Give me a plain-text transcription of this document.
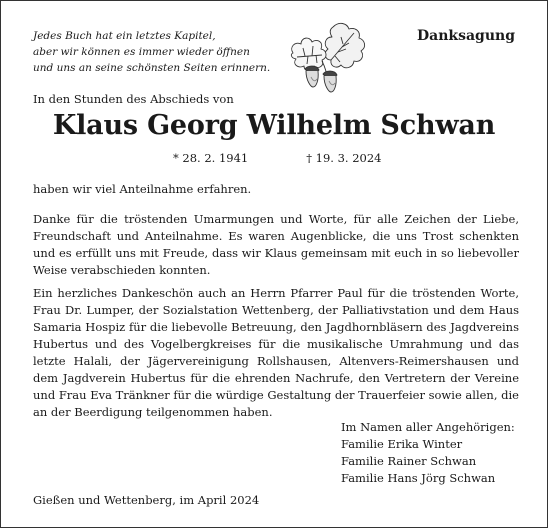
Jedes Buch hat ein letztes Kapitel,
aber wir können es immer wieder öffnen
und uns an seine schönsten Seiten erinnern.
Danksagung
In den Stunden des Abschieds von
Klaus Georg Wilhelm Schwan
* 28. 2. 1941	† 19. 3. 2024
haben wir viel Anteilnahme erfahren.
Danke für die tröstenden Umarmungen und Worte, für alle Zeichen der Liebe, Freundschaft und Anteilnahme. Es waren Augenblicke, die uns Trost schenkten und es erfüllt uns mit Freude, dass wir Klaus gemeinsam mit euch in so liebevoller Weise verabschieden konnten.
Ein herzliches Dankeschön auch an Herrn Pfarrer Paul für die tröstenden Worte, Frau Dr. Lumper, der Sozialstation Wettenberg, der Palliativstation und dem Haus Samaria Hospiz für die liebevolle Betreuung, den Jagdhornbläsern des Jagdvereins Hubertus und des Vogelbergkreises für die musikalische Umrahmung und das letzte Halali, der Jägervereinigung Rollshausen, Altenvers-Reimershausen und dem Jagdverein Hubertus für die ehrenden Nachrufe, den Vertretern der Vereine und Frau Eva Tränkner für die würdige Gestaltung der Trauerfeier sowie allen, die an der Beerdigung teilgenommen haben.
Im Namen aller Angehörigen:
Familie Erika Winter
Familie Rainer Schwan
Familie Hans Jörg Schwan
Gießen und Wettenberg, im April 2024
